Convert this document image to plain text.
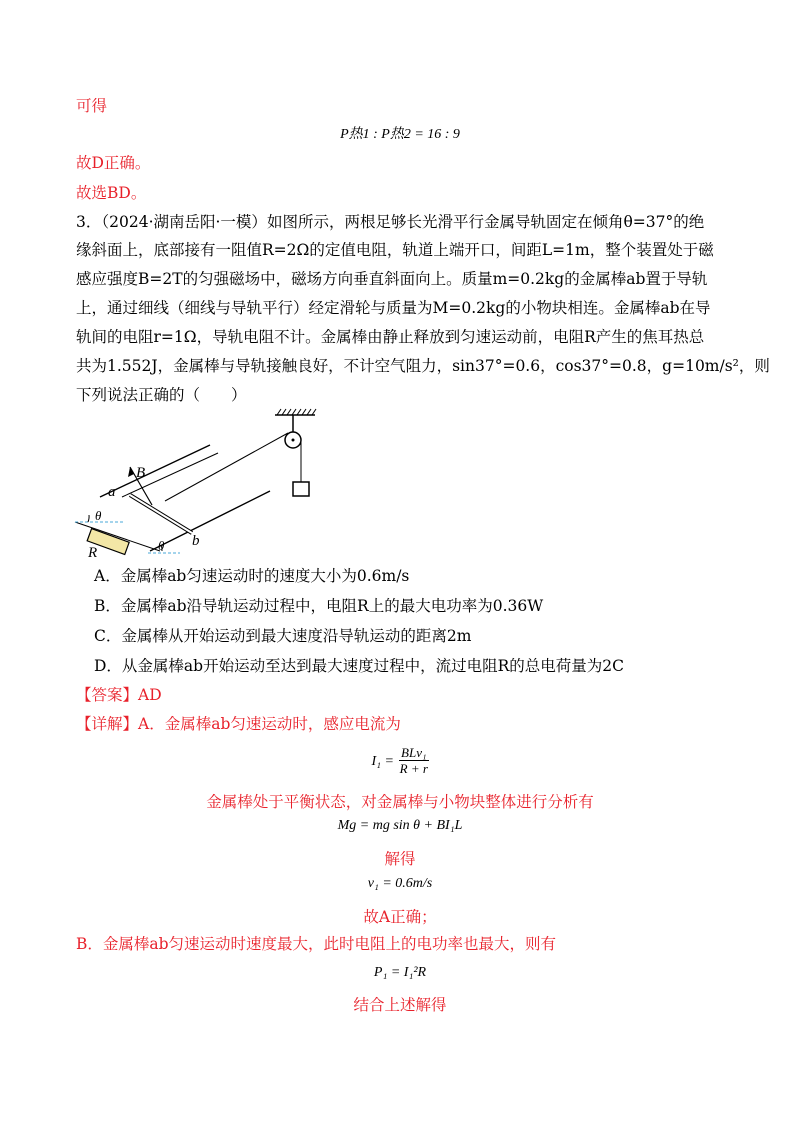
可得
P热1 : P热2 = 16 : 9
故D正确。
故选BD。
3．（2024·湖南岳阳·一模）如图所示，两根足够长光滑平行金属导轨固定在倾角θ=37°的绝
缘斜面上，底部接有一阻值R=2Ω的定值电阻，轨道上端开口，间距L=1m，整个装置处于磁
感应强度B=2T的匀强磁场中，磁场方向垂直斜面向上。质量m=0.2kg的金属棒ab置于导轨
上，通过细线（细线与导轨平行）经定滑轮与质量为M=0.2kg的小物块相连。金属棒ab在导
轨间的电阻r=1Ω，导轨电阻不计。金属棒由静止释放到匀速运动前，电阻R产生的焦耳热总
共为1.552J，金属棒与导轨接触良好，不计空气阻力，sin37°=0.6，cos37°=0.8，g=10m/s²，则
下列说法正确的（　　）
B
a
b
R
θ
θ
A．金属棒ab匀速运动时的速度大小为0.6m/s
B．金属棒ab沿导轨运动过程中，电阻R上的最大电功率为0.36W
C．金属棒从开始运动到最大速度沿导轨运动的距离2m
D．从金属棒ab开始运动至达到最大速度过程中，流过电阻R的总电荷量为2C
【答案】AD
【详解】A．金属棒ab匀速运动时，感应电流为
$I_1 = \frac{\text{BLv₁}}{R + r}$
金属棒处于平衡状态，对金属棒与小物块整体进行分析有
Mg = mg sin θ + BI₁L
解得
v₁ = 0.6m/s
故A正确；
B．金属棒ab匀速运动时速度最大，此时电阻上的电功率也最大，则有
P₁ = I₁²R
结合上述解得
